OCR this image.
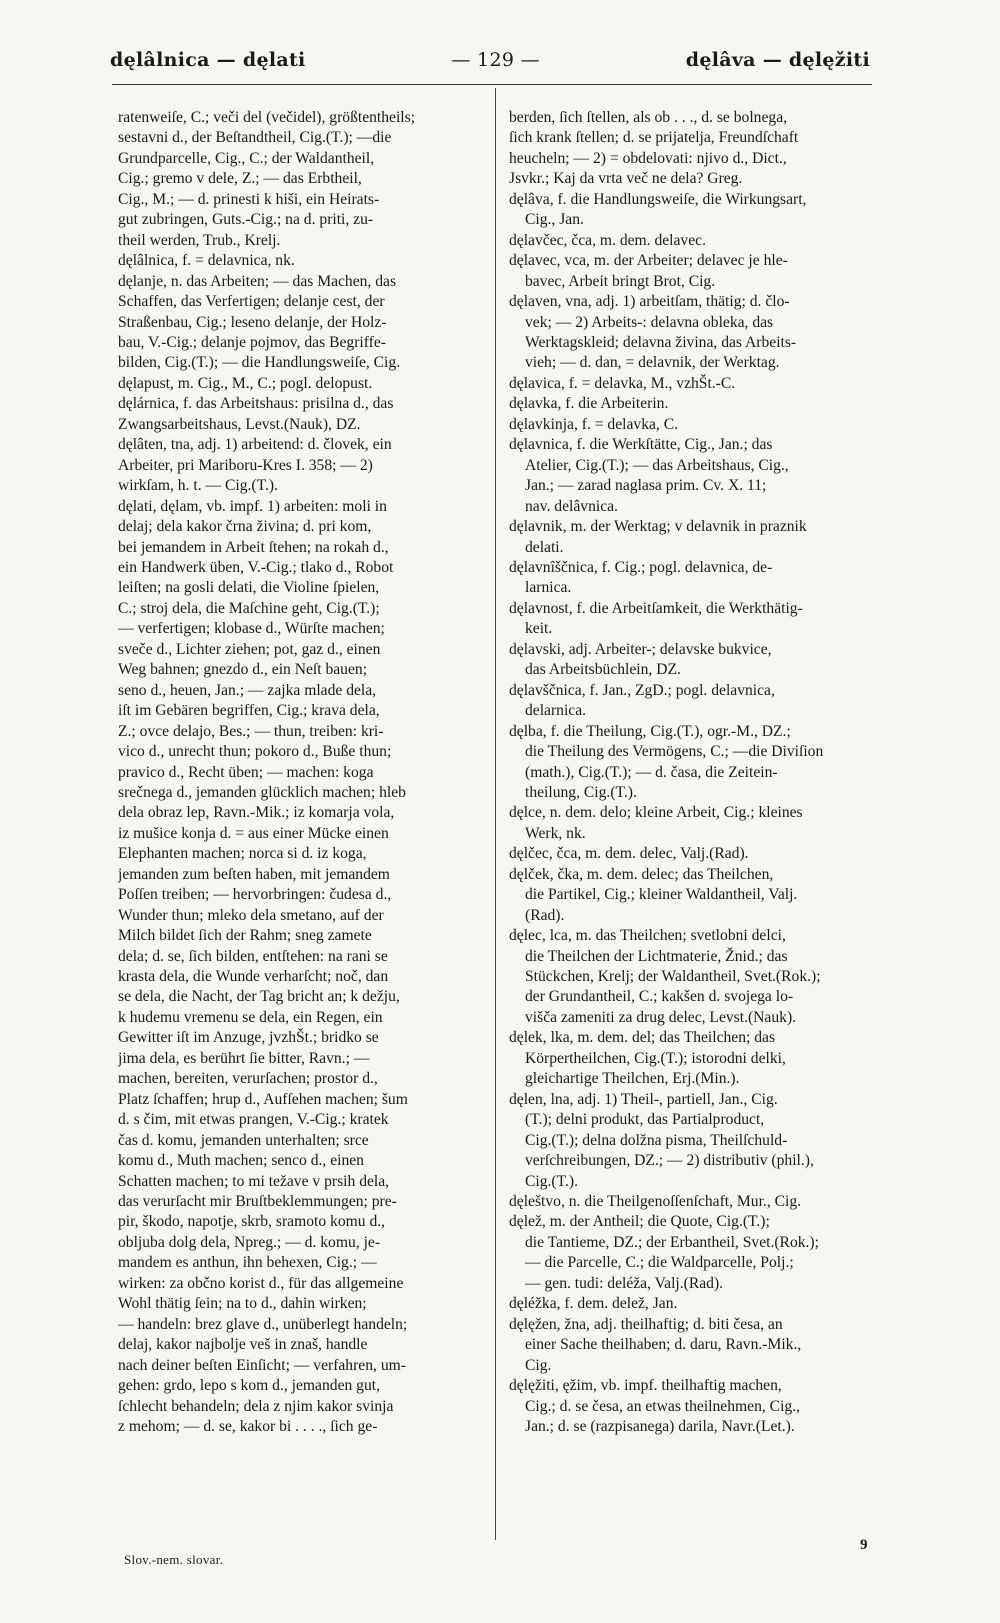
dęlâlnica — dęlati	— 129 —	dęlâva — dęlęžiti
ratenweiſe, C.; veči del (večidel), größtentheils;
sestavni d., der Beſtandtheil, Cig.(T.); —die
Grundparcelle, Cig., C.; der Waldantheil,
Cig.; gremo v dele, Z.; — das Erbtheil,
Cig., M.; — d. prinesti k hiši, ein Heirats-
gut zubringen, Guts.-Cig.; na d. priti, zu-
theil werden, Trub., Krelj.
dęlâlnica, f. = delavnica, nk.
dęlanje, n. das Arbeiten; — das Machen, das
Schaffen, das Verfertigen; delanje cest, der
Straßenbau, Cig.; leseno delanje, der Holz-
bau, V.-Cig.; delanje pojmov, das Begriffe-
bilden, Cig.(T.); — die Handlungsweiſe, Cig.
dęlapust, m. Cig., M., C.; pogl. delopust.
dęlárnica, f. das Arbeitshaus: prisilna d., das
Zwangsarbeitshaus, Levst.(Nauk), DZ.
dęlâten, tna, adj. 1) arbeitend: d. človek, ein
Arbeiter, pri Mariboru-Kres I. 358; — 2)
wirkſam, h. t. — Cig.(T.).
dęlati, dęlam, vb. impf. 1) arbeiten: moli in
delaj; dela kakor črna živina; d. pri kom,
bei jemandem in Arbeit ſtehen; na rokah d.,
ein Handwerk üben, V.-Cig.; tlako d., Robot
leiſten; na gosli delati, die Violine ſpielen,
C.; stroj dela, die Maſchine geht, Cig.(T.);
— verfertigen; klobase d., Würſte machen;
sveče d., Lichter ziehen; pot, gaz d., einen
Weg bahnen; gnezdo d., ein Neſt bauen;
seno d., heuen, Jan.; — zajka mlade dela,
iſt im Gebären begriffen, Cig.; krava dela,
Z.; ovce delajo, Bes.; — thun, treiben: kri-
vico d., unrecht thun; pokoro d., Buße thun;
pravico d., Recht üben; — machen: koga
srečnega d., jemanden glücklich machen; hleb
dela obraz lep, Ravn.-Mik.; iz komarja vola,
iz mušice konja d. = aus einer Mücke einen
Elephanten machen; norca si d. iz koga,
jemanden zum beſten haben, mit jemandem
Poſſen treiben; — hervorbringen: čudesa d.,
Wunder thun; mleko dela smetano, auf der
Milch bildet ſich der Rahm; sneg zamete
dela; d. se, ſich bilden, entſtehen: na rani se
krasta dela, die Wunde verharſcht; noč, dan
se dela, die Nacht, der Tag bricht an; k dežju,
k hudemu vremenu se dela, ein Regen, ein
Gewitter iſt im Anzuge, jvzhŠt.; bridko se
jima dela, es berührt ſie bitter, Ravn.; —
machen, bereiten, verurſachen; prostor d.,
Platz ſchaffen; hrup d., Aufſehen machen; šum
d. s čim, mit etwas prangen, V.-Cig.; kratek
čas d. komu, jemanden unterhalten; srce
komu d., Muth machen; senco d., einen
Schatten machen; to mi težave v prsih dela,
das verurſacht mir Bruſtbeklemmungen; pre-
pir, škodo, napotje, skrb, sramoto komu d.,
obljuba dolg dela, Npreg.; — d. komu, je-
mandem es anthun, ihn behexen, Cig.; —
wirken: za občno korist d., für das allgemeine
Wohl thätig ſein; na to d., dahin wirken;
— handeln: brez glave d., unüberlegt handeln;
delaj, kakor najbolje veš in znaš, handle
nach deiner beſten Einſicht; — verfahren, um-
gehen: grdo, lepo s kom d., jemanden gut,
ſchlecht behandeln; dela z njim kakor svinja
z mehom; — d. se, kakor bi . . . ., ſich ge-
berden, ſich ſtellen, als ob . . ., d. se bolnega,
ſich krank ſtellen; d. se prijatelja, Freundſchaft
heucheln; — 2) = obdelovati: njivo d., Dict.,
Jsvkr.; Kaj da vrta več ne dela? Greg.
dęlâva, f. die Handlungsweiſe, die Wirkungsart,
Cig., Jan.
dęlavčec, čca, m. dem. delavec.
dęlavec, vca, m. der Arbeiter; delavec je hle-
bavec, Arbeit bringt Brot, Cig.
dęlaven, vna, adj. 1) arbeitſam, thätig; d. člo-
vek; — 2) Arbeits-: delavna obleka, das
Werktagskleid; delavna živina, das Arbeits-
vieh; — d. dan, = delavnik, der Werktag.
dęlavica, f. = delavka, M., vzhŠt.-C.
dęlavka, f. die Arbeiterin.
dęlavkinja, f. = delavka, C.
dęlavnica, f. die Werkſtätte, Cig., Jan.; das
Atelier, Cig.(T.); — das Arbeitshaus, Cig.,
Jan.; — zarad naglasa prim. Cv. X. 11;
nav. delâvnica.
dęlavnik, m. der Werktag; v delavnik in praznik
delati.
dęlavnîščnica, f. Cig.; pogl. delavnica, de-
larnica.
dęlavnost, f. die Arbeitſamkeit, die Werkthätig-
keit.
dęlavski, adj. Arbeiter-; delavske bukvice,
das Arbeitsbüchlein, DZ.
dęlavščnica, f. Jan., ZgD.; pogl. delavnica,
delarnica.
dęlba, f. die Theilung, Cig.(T.), ogr.-M., DZ.;
die Theilung des Vermögens, C.; —die Diviſion
(math.), Cig.(T.); — d. časa, die Zeitein-
theilung, Cig.(T.).
dęlce, n. dem. delo; kleine Arbeit, Cig.; kleines
Werk, nk.
dęlčec, čca, m. dem. delec, Valj.(Rad).
dęlček, čka, m. dem. delec; das Theilchen,
die Partikel, Cig.; kleiner Waldantheil, Valj.
(Rad).
dęlec, lca, m. das Theilchen; svetlobni delci,
die Theilchen der Lichtmaterie, Žnid.; das
Stückchen, Krelj; der Waldantheil, Svet.(Rok.);
der Grundantheil, C.; kakšen d. svojega lo-
višča zameniti za drug delec, Levst.(Nauk).
dęlek, lka, m. dem. del; das Theilchen; das
Körpertheilchen, Cig.(T.); istorodni delki,
gleichartige Theilchen, Erj.(Min.).
dęlen, lna, adj. 1) Theil-, partiell, Jan., Cig.
(T.); delni produkt, das Partialproduct,
Cig.(T.); delna dolžna pisma, Theilſchuld-
verſchreibungen, DZ.; — 2) distributiv (phil.),
Cig.(T.).
dęleštvo, n. die Theilgenoſſenſchaft, Mur., Cig.
dęlež, m. der Antheil; die Quote, Cig.(T.);
die Tantieme, DZ.; der Erbantheil, Svet.(Rok.);
— die Parcelle, C.; die Waldparcelle, Polj.;
— gen. tudi: deléža, Valj.(Rad).
dęléžka, f. dem. delež, Jan.
dęlęžen, žna, adj. theilhaftig; d. biti česa, an
einer Sache theilhaben; d. daru, Ravn.-Mik.,
Cig.
dęlęžiti, ęžim, vb. impf. theilhaftig machen,
Cig.; d. se česa, an etwas theilnehmen, Cig.,
Jan.; d. se (razpisanega) darila, Navr.(Let.).
Slov.-nem. slovar.
9
